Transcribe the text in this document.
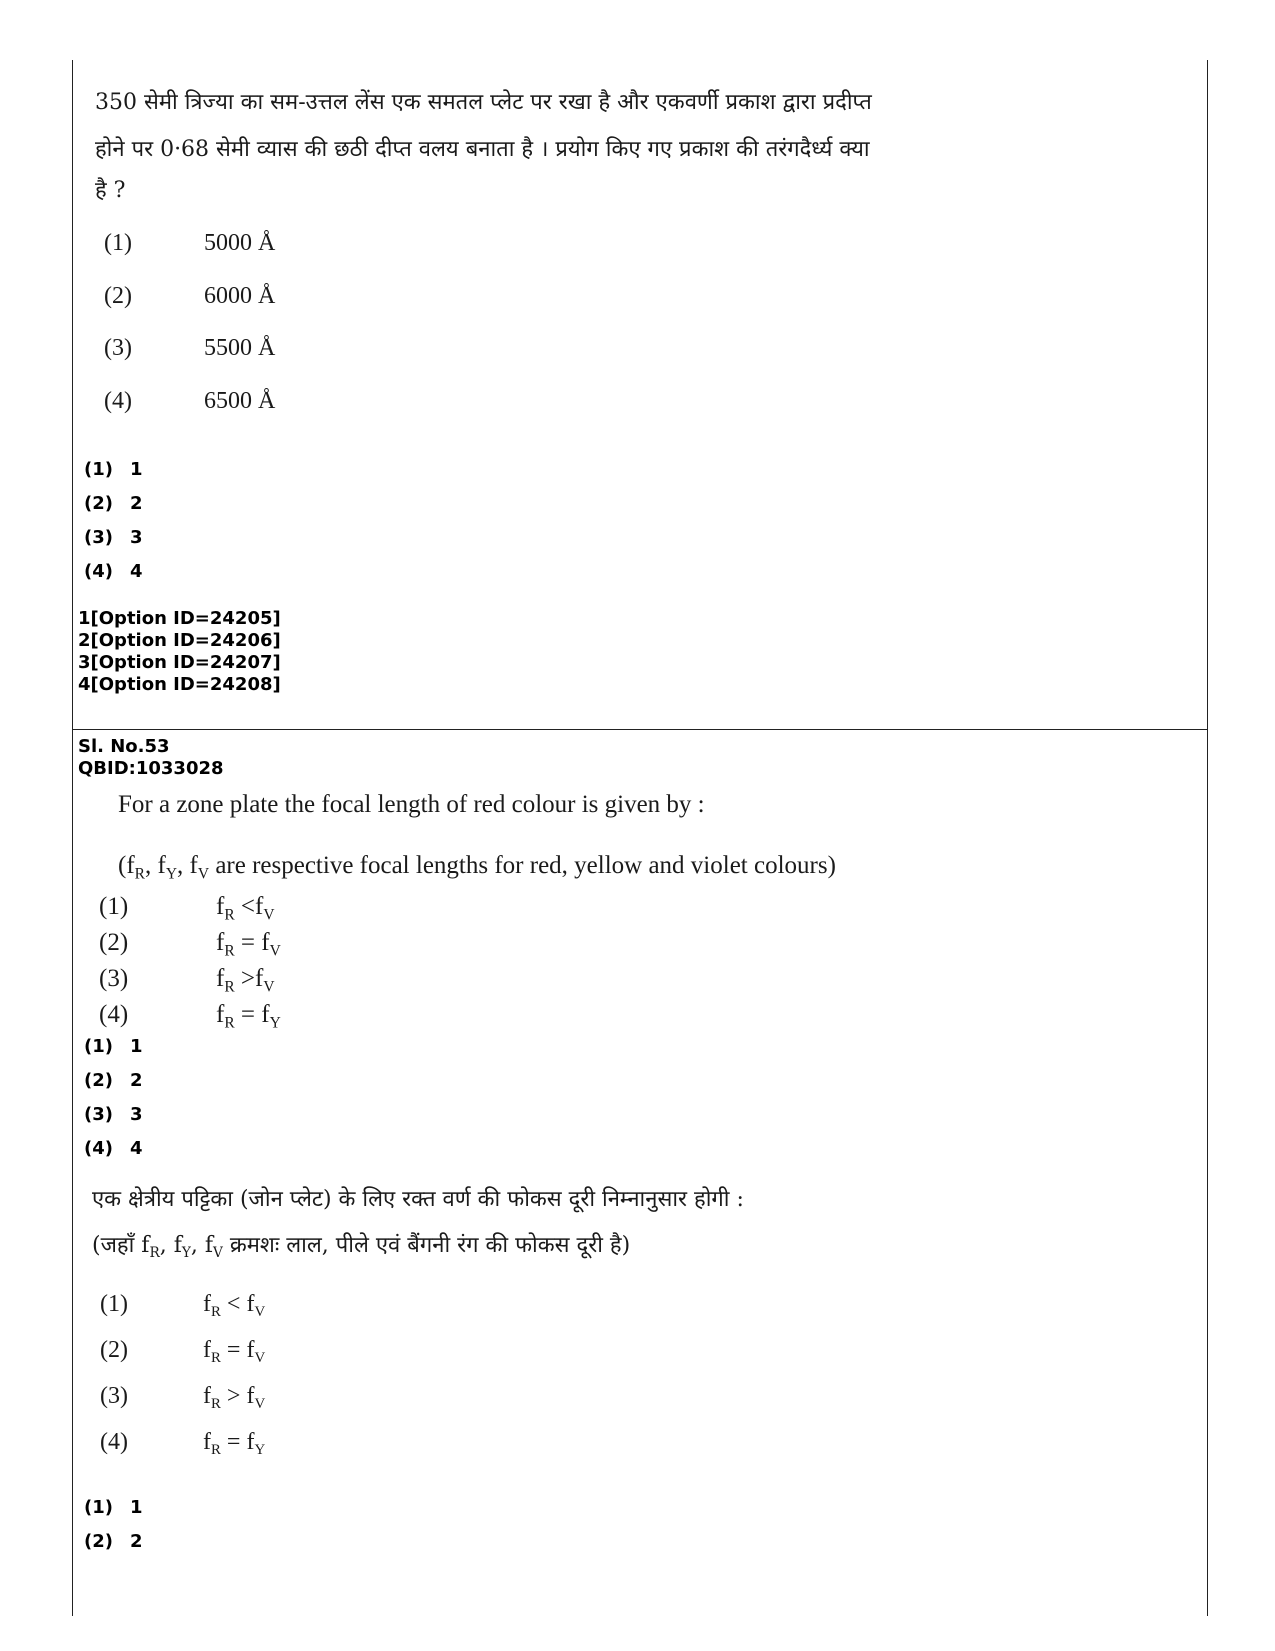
350 सेमी त्रिज्या का सम-उत्तल लेंस एक समतल प्लेट पर रखा है और एकवर्णी प्रकाश द्वारा प्रदीप्त
होने पर 0·68 सेमी व्यास की छठी दीप्त वलय बनाता है । प्रयोग किए गए प्रकाश की तरंगदैर्ध्य क्या
है ?
(1)	5000 Å
(2)	6000 Å
(3)	5500 Å
(4)	6500 Å
(1) 1
(2) 2
(3) 3
(4) 4
1[Option ID=24205]
2[Option ID=24206]
3[Option ID=24207]
4[Option ID=24208]
Sl. No.53
QBID:1033028
For a zone plate the focal length of red colour is given by :
($f_R$, $f_Y$, $f_V$ are respective focal lengths for red, yellow and violet colours)
(1)	$f_R <f_V$
(2)	$f_R = f_V$
(3)	$f_R >f_V$
(4)	$f_R = f_Y$
(1) 1
(2) 2
(3) 3
(4) 4
एक क्षेत्रीय पट्टिका (जोन प्लेट) के लिए रक्त वर्ण की फोकस दूरी निम्नानुसार होगी :
(जहाँ $f_R$, $f_Y$, $f_V$ क्रमशः लाल, पीले एवं बैंगनी रंग की फोकस दूरी है)
(1)	$f_R < f_V$
(2)	$f_R = f_V$
(3)	$f_R > f_V$
(4)	$f_R = f_Y$
(1) 1
(2) 2
